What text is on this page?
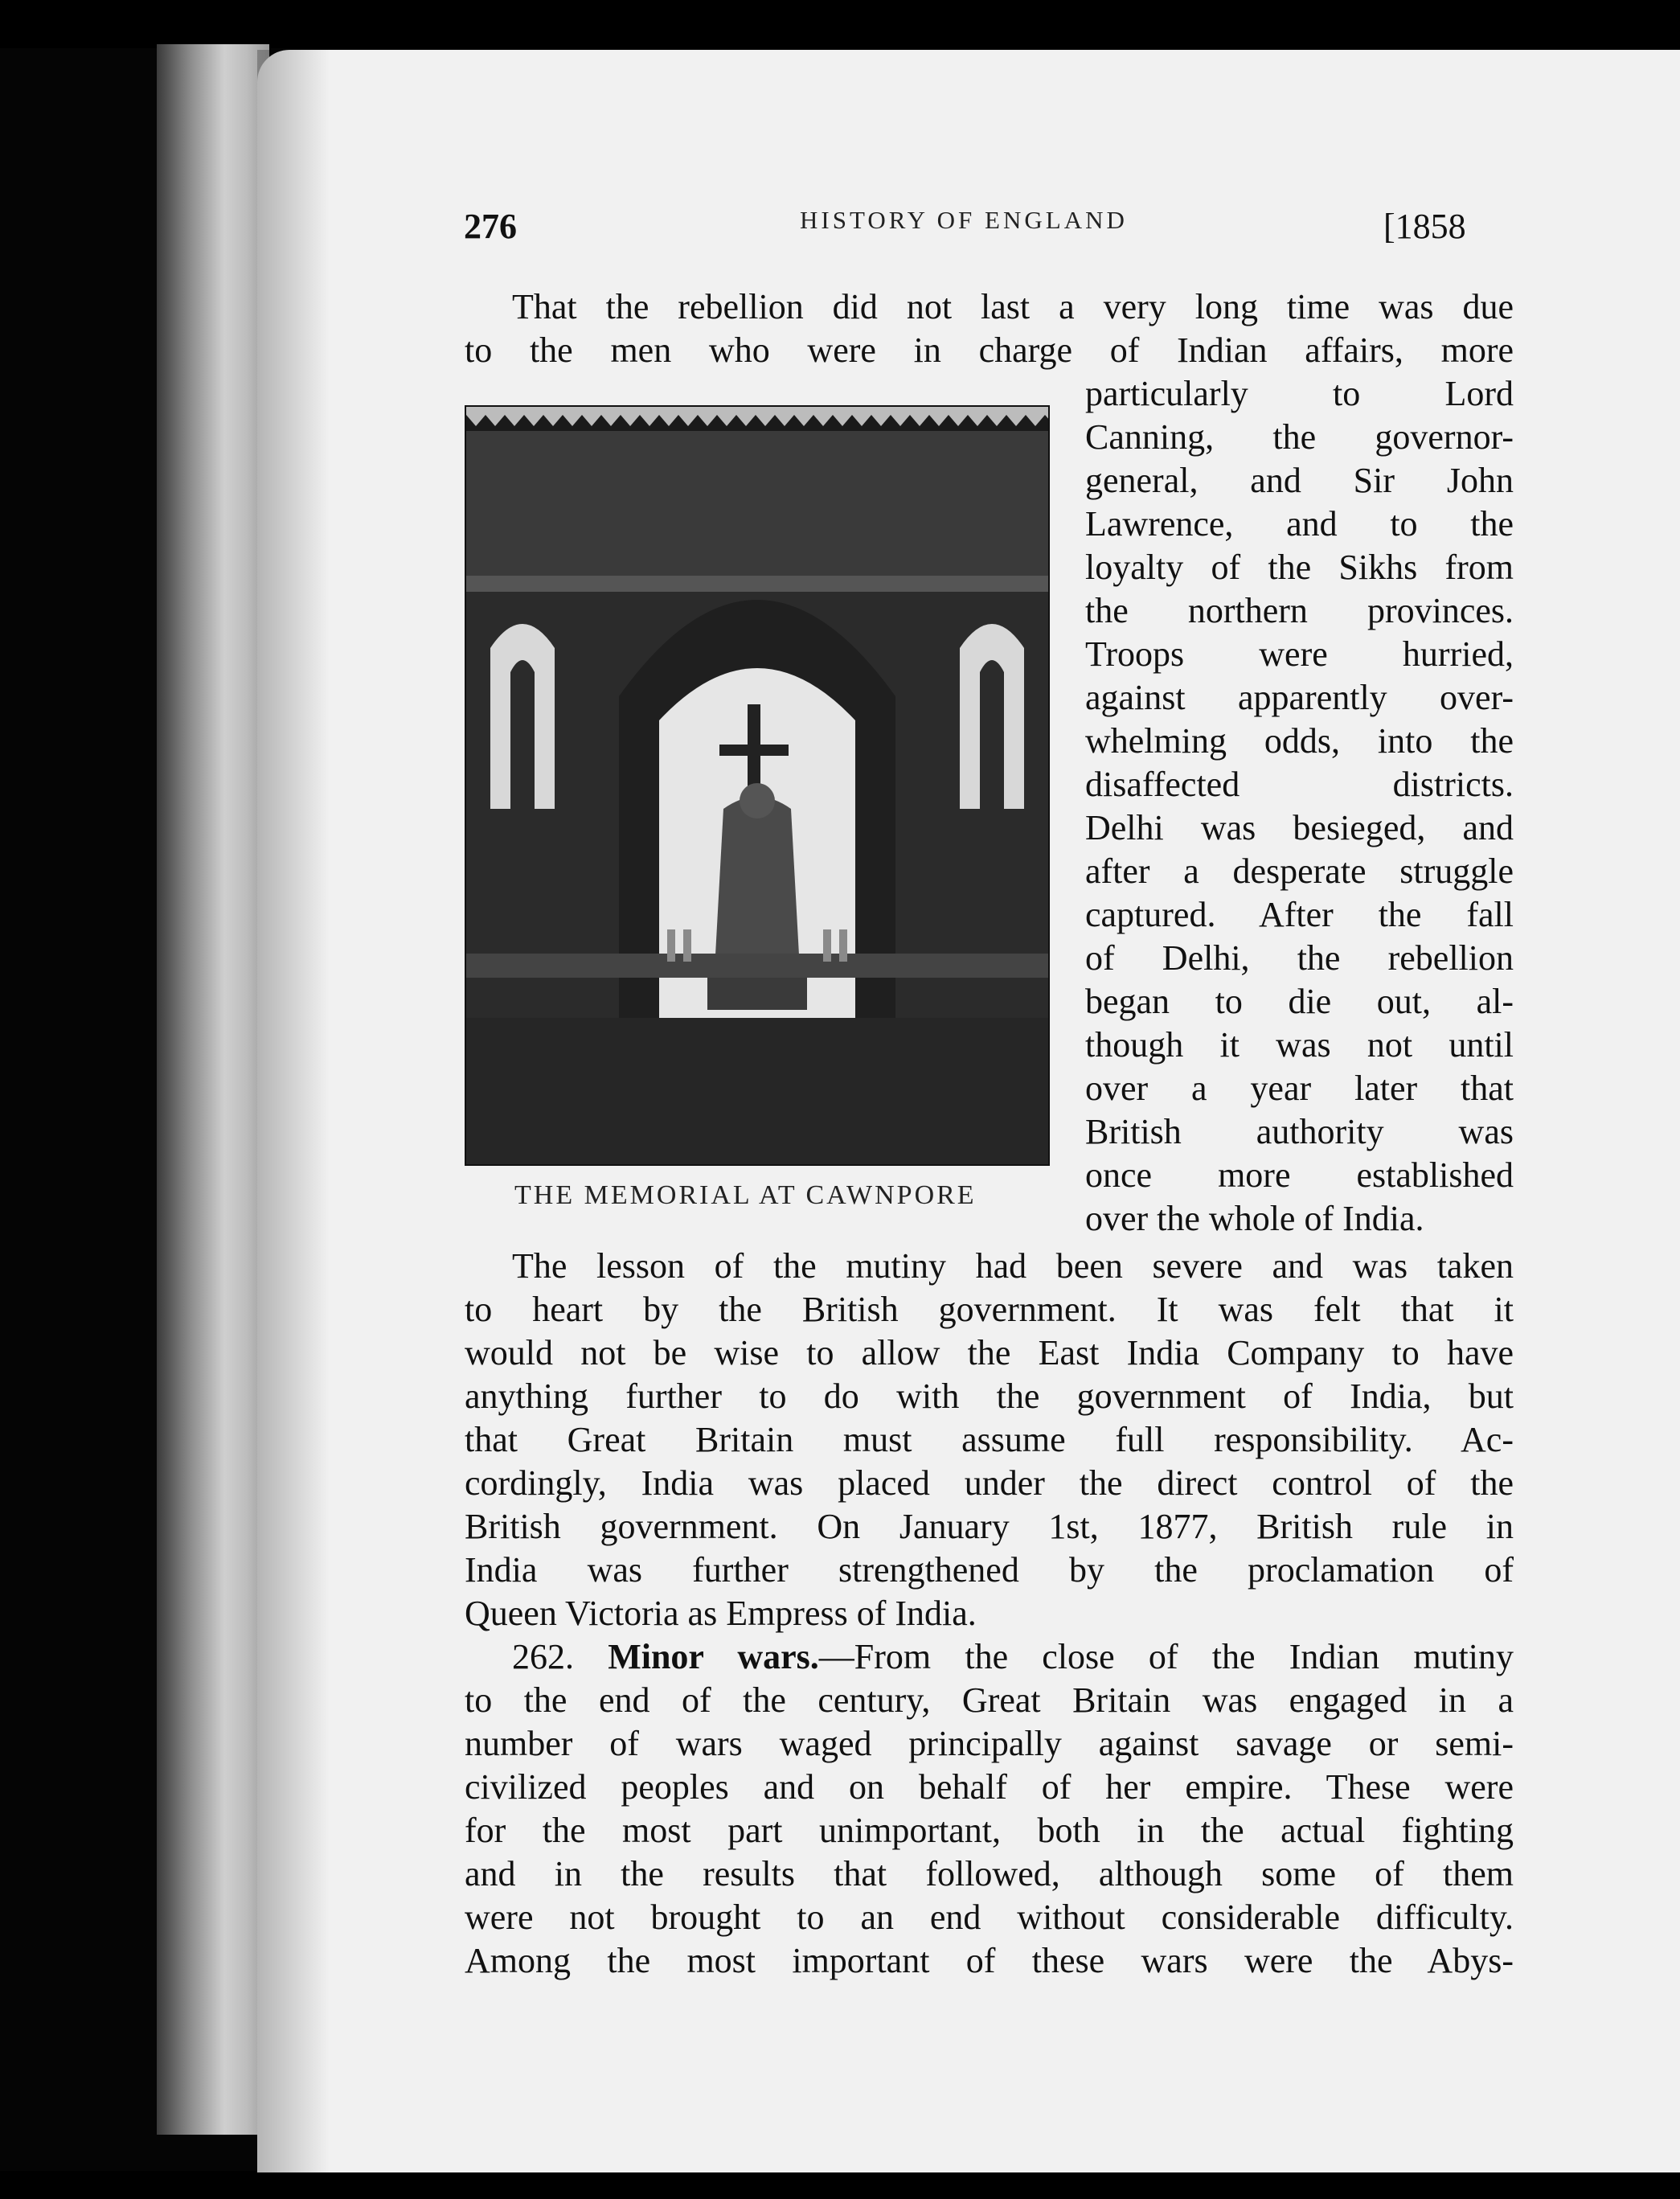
276	HISTORY OF ENGLAND	[1858
That the rebellion did not last a very long time was due
to the men who were in charge of Indian affairs, more
particularly to Lord
Canning, the governor-
general, and Sir John
Lawrence, and to the
loyalty of the Sikhs from
the northern provinces.
Troops were hurried,
against apparently over-
whelming odds, into the
disaffected districts.
Delhi was besieged, and
after a desperate struggle
captured. After the fall
of Delhi, the rebellion
began to die out, al-
though it was not until
over a year later that
British authority was
once more established
over the whole of India.
THE MEMORIAL AT CAWNPORE
The lesson of the mutiny had been severe and was taken
to heart by the British government. It was felt that it
would not be wise to allow the East India Company to have
anything further to do with the government of India, but
that Great Britain must assume full responsibility. Ac-
cordingly, India was placed under the direct control of the
British government. On January 1st, 1877, British rule in
India was further strengthened by the proclamation of
Queen Victoria as Empress of India.
262. Minor wars.—From the close of the Indian mutiny
to the end of the century, Great Britain was engaged in a
number of wars waged principally against savage or semi-
civilized peoples and on behalf of her empire. These were
for the most part unimportant, both in the actual fighting
and in the results that followed, although some of them
were not brought to an end without considerable difficulty.
Among the most important of these wars were the Abys-
